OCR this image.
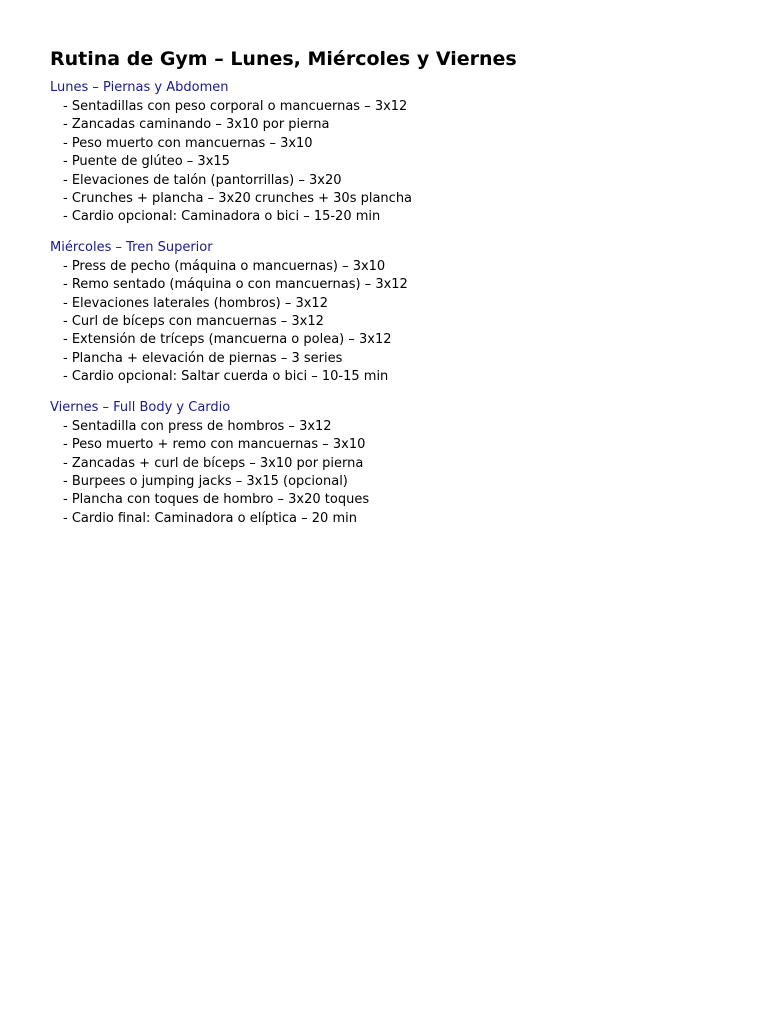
Rutina de Gym – Lunes, Miércoles y Viernes
Lunes – Piernas y Abdomen
- Sentadillas con peso corporal o mancuernas – 3x12
- Zancadas caminando – 3x10 por pierna
- Peso muerto con mancuernas – 3x10
- Puente de glúteo – 3x15
- Elevaciones de talón (pantorrillas) – 3x20
- Crunches + plancha – 3x20 crunches + 30s plancha
- Cardio opcional: Caminadora o bici – 15-20 min
Miércoles – Tren Superior
- Press de pecho (máquina o mancuernas) – 3x10
- Remo sentado (máquina o con mancuernas) – 3x12
- Elevaciones laterales (hombros) – 3x12
- Curl de bíceps con mancuernas – 3x12
- Extensión de tríceps (mancuerna o polea) – 3x12
- Plancha + elevación de piernas – 3 series
- Cardio opcional: Saltar cuerda o bici – 10-15 min
Viernes – Full Body y Cardio
- Sentadilla con press de hombros – 3x12
- Peso muerto + remo con mancuernas – 3x10
- Zancadas + curl de bíceps – 3x10 por pierna
- Burpees o jumping jacks – 3x15 (opcional)
- Plancha con toques de hombro – 3x20 toques
- Cardio final: Caminadora o elíptica – 20 min
